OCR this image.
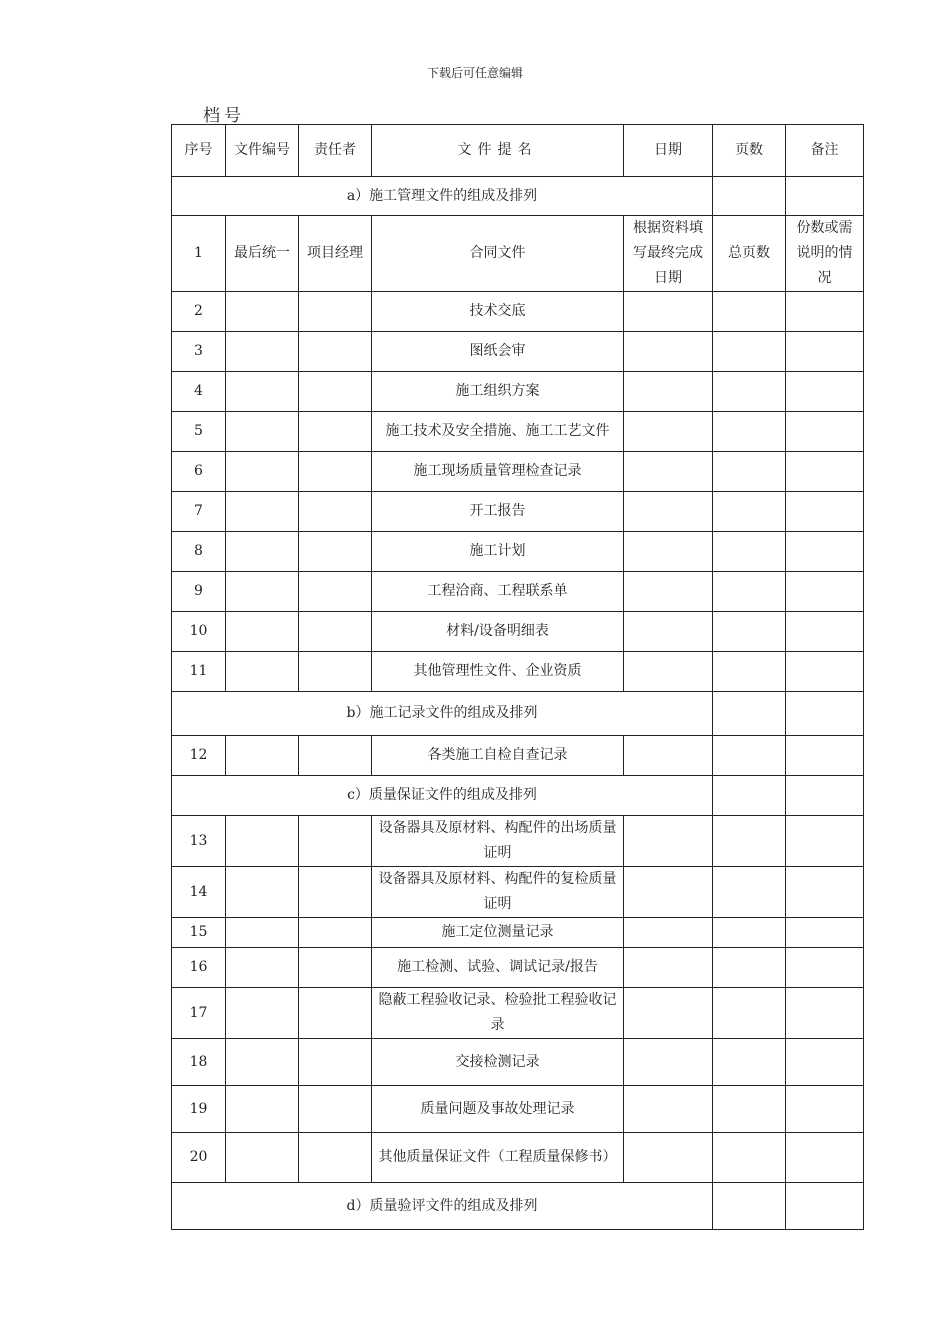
下载后可任意编辑
档号
序号	文件编号	责任者	文件提名	日期	页数	备注
a）施工管理文件的组成及排列						
1	最后统一	项目经理	合同文件	根据资料填写最终完成日期	总页数	份数或需说明的情况
2			技术交底			
3			图纸会审			
4			施工组织方案			
5			施工技术及安全措施、施工工艺文件			
6			施工现场质量管理检查记录			
7			开工报告			
8			施工计划			
9			工程洽商、工程联系单			
10			材料/设备明细表			
11			其他管理性文件、企业资质			
b）施工记录文件的组成及排列						
12			各类施工自检自查记录			
c）质量保证文件的组成及排列						
13			设备器具及原材料、构配件的出场质量证明			
14			设备器具及原材料、构配件的复检质量证明			
15			施工定位测量记录			
16			施工检测、试验、调试记录/报告			
17			隐蔽工程验收记录、检验批工程验收记录			
18			交接检测记录			
19			质量问题及事故处理记录			
20			其他质量保证文件（工程质量保修书）			
d）质量验评文件的组成及排列						
